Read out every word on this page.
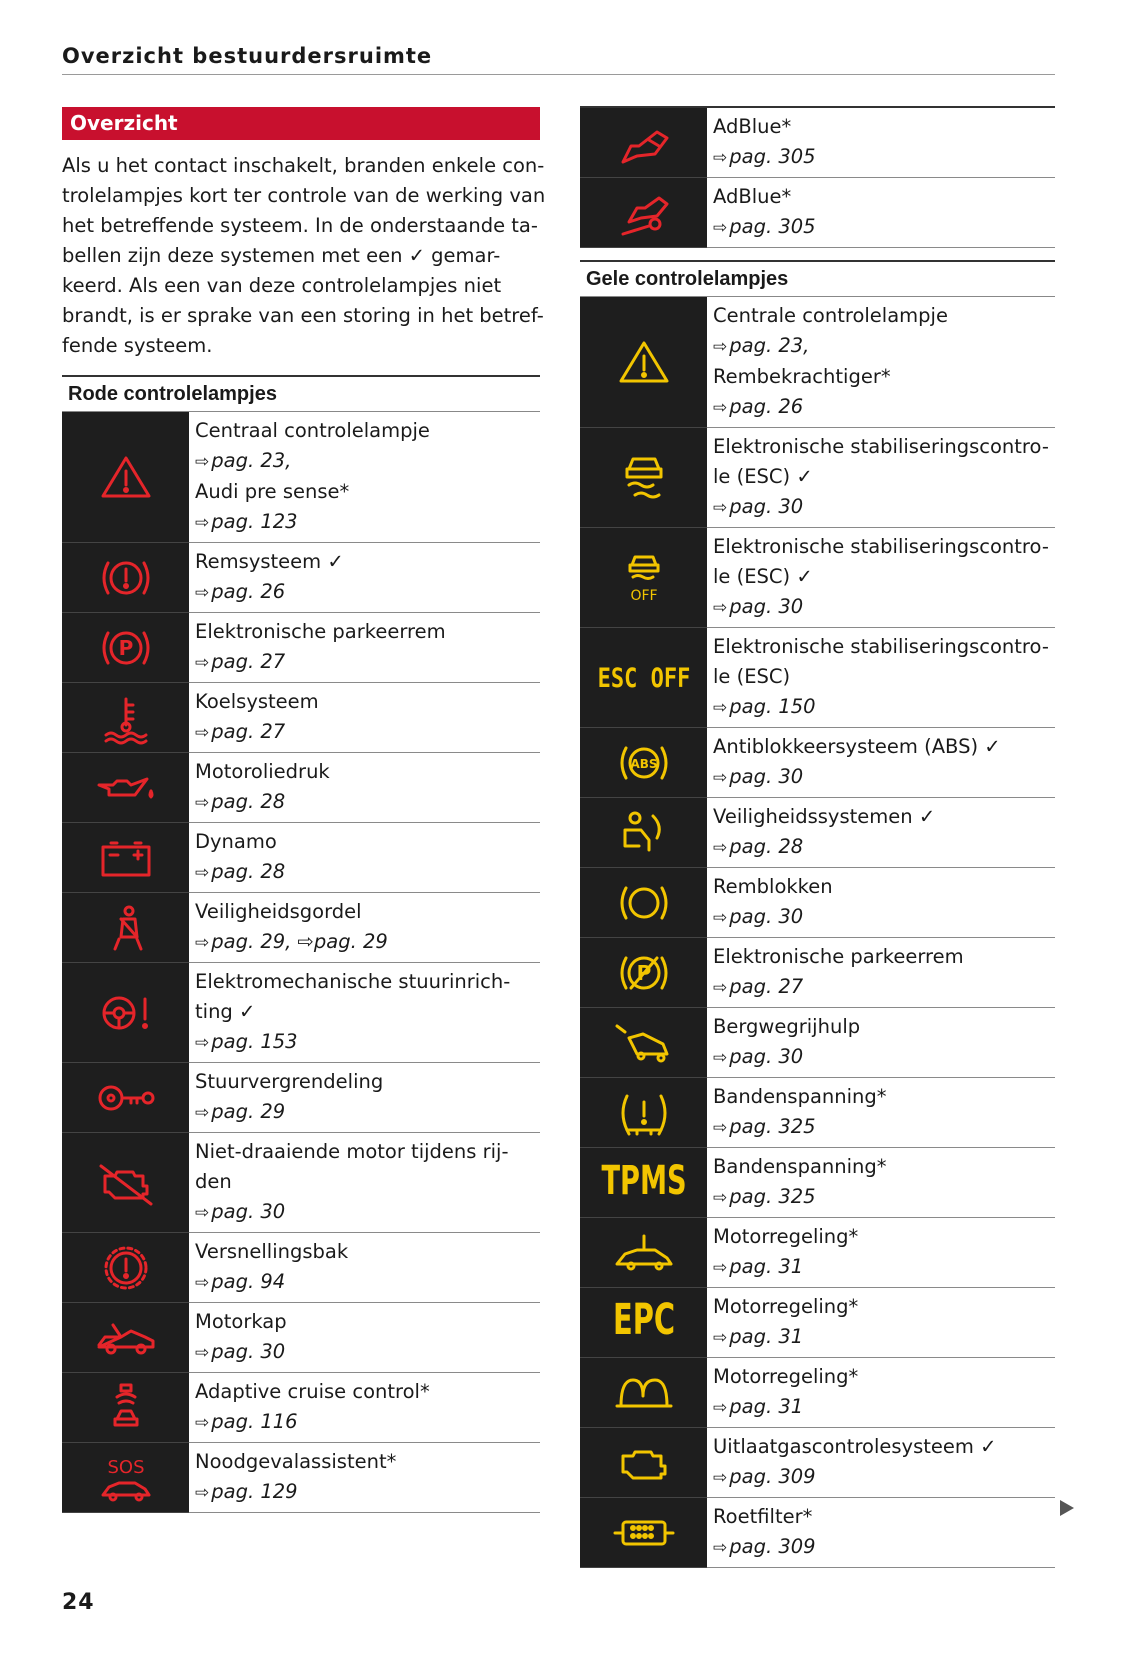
Overzicht bestuurdersruimte
Overzicht
Als u het contact inschakelt, branden enkele con-
trolelampjes kort ter controle van de werking van
het betreffende systeem. In de onderstaande ta-
bellen zijn deze systemen met een ✓ gemar-
keerd. Als een van deze controlelampjes niet
brandt, is er sprake van een storing in het betref-
fende systeem.
Rode controlelampjes

Centraal controlelampje
⇨ pag. 23,
Audi pre sense*
⇨ pag. 123

Remsysteem ✓
⇨ pag. 26

P	Elektronische parkeerrem
⇨ pag. 27

Koelsysteem
⇨ pag. 27

Motoroliedruk
⇨ pag. 28

Dynamo
⇨ pag. 28

Veiligheidsgordel
⇨ pag. 29, ⇨pag. 29

Elektromechanische stuurinrich-
ting ✓
⇨ pag. 153

Stuurvergrendeling
⇨ pag. 29

Niet-draaiende motor tijdens rij-
den
⇨ pag. 30

Versnellingsbak
⇨ pag. 94

Motorkap
⇨ pag. 30

Adaptive cruise control*
⇨ pag. 116

SOS	Noodgevalassistent*
⇨ pag. 129

AdBlue*
⇨ pag. 305

AdBlue*
⇨ pag. 305
Gele controlelampjes

Centrale controlelampje
⇨ pag. 23,
Rembekrachtiger*
⇨ pag. 26

Elektronische stabiliseringscontro-
le (ESC) ✓
⇨ pag. 30

OFF	Elektronische stabiliseringscontro-
le (ESC) ✓
⇨ pag. 30

ESC OFF	Elektronische stabiliseringscontro-
le (ESC)
⇨ pag. 150

ABS	Antiblokkeersysteem (ABS) ✓
⇨ pag. 30

Veiligheidssystemen ✓
⇨ pag. 28

Remblokken
⇨ pag. 30

P	Elektronische parkeerrem
⇨ pag. 27

Bergwegrijhulp
⇨ pag. 30

Bandenspanning*
⇨ pag. 325

TPMS	Bandenspanning*
⇨ pag. 325

Motorregeling*
⇨ pag. 31

EPC	Motorregeling*
⇨ pag. 31

Motorregeling*
⇨ pag. 31

Uitlaatgascontrolesysteem ✓
⇨ pag. 309

Roetfilter*
⇨ pag. 309
24
